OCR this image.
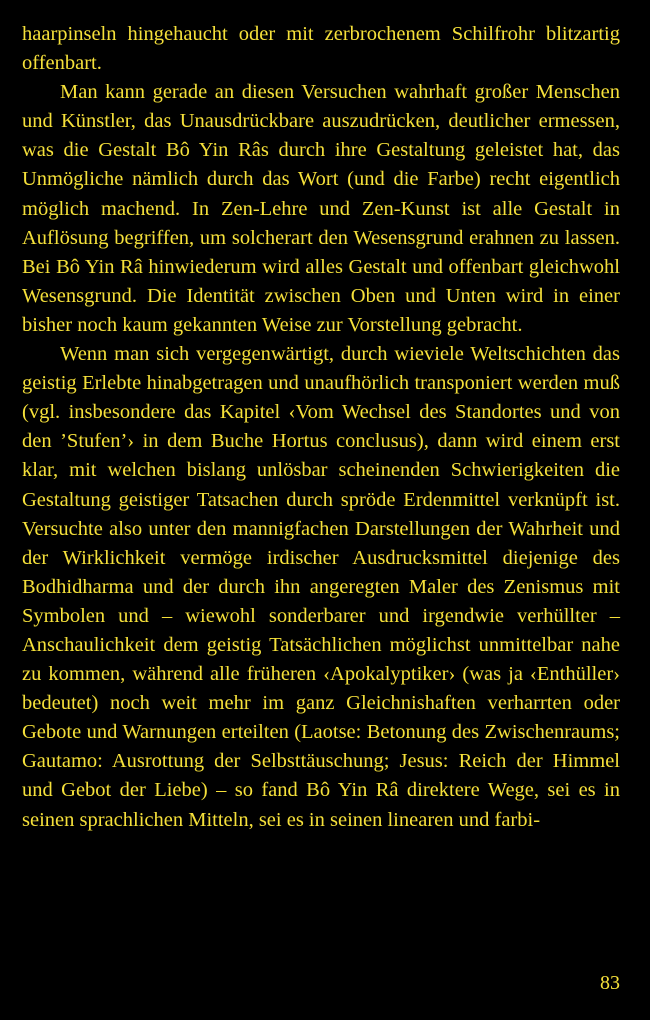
haarpinseln hingehaucht oder mit zerbrochenem Schilfrohr blitzartig offenbart.

Man kann gerade an diesen Versuchen wahrhaft großer Menschen und Künstler, das Unausdrückbare auszudrücken, deutlicher ermessen, was die Gestalt Bô Yin Râs durch ihre Gestaltung geleistet hat, das Unmögliche nämlich durch das Wort (und die Farbe) recht eigentlich möglich machend. In Zen-Lehre und Zen-Kunst ist alle Gestalt in Auflösung begriffen, um solcherart den Wesensgrund erahnen zu lassen. Bei Bô Yin Râ hinwiederum wird alles Gestalt und offenbart gleichwohl Wesensgrund. Die Identität zwischen Oben und Unten wird in einer bisher noch kaum gekannten Weise zur Vorstellung gebracht.

Wenn man sich vergegenwärtigt, durch wieviele Weltschichten das geistig Erlebte hinabgetragen und unaufhörlich transponiert werden muß (vgl. insbesondere das Kapitel ‹Vom Wechsel des Standortes und von den ’Stufen’› in dem Buche Hortus conclusus), dann wird einem erst klar, mit welchen bislang unlösbar scheinenden Schwierigkeiten die Gestaltung geistiger Tatsachen durch spröde Erdenmittel verknüpft ist. Versuchte also unter den mannigfachen Darstellungen der Wahrheit und der Wirklichkeit vermöge irdischer Ausdrucksmittel diejenige des Bodhidharma und der durch ihn angeregten Maler des Zenismus mit Symbolen und – wiewohl sonderbarer und irgendwie verhüllter – Anschaulichkeit dem geistig Tatsächlichen möglichst unmittelbar nahe zu kommen, während alle früheren ‹Apokalyptiker› (was ja ‹Enthüller› bedeutet) noch weit mehr im ganz Gleichnishaften verharrten oder Gebote und Warnungen erteilten (Laotse: Betonung des Zwischenraums; Gautamo: Ausrottung der Selbsttäuschung; Jesus: Reich der Himmel und Gebot der Liebe) – so fand Bô Yin Râ direktere Wege, sei es in seinen sprachlichen Mitteln, sei es in seinen linearen und farbi-

83
